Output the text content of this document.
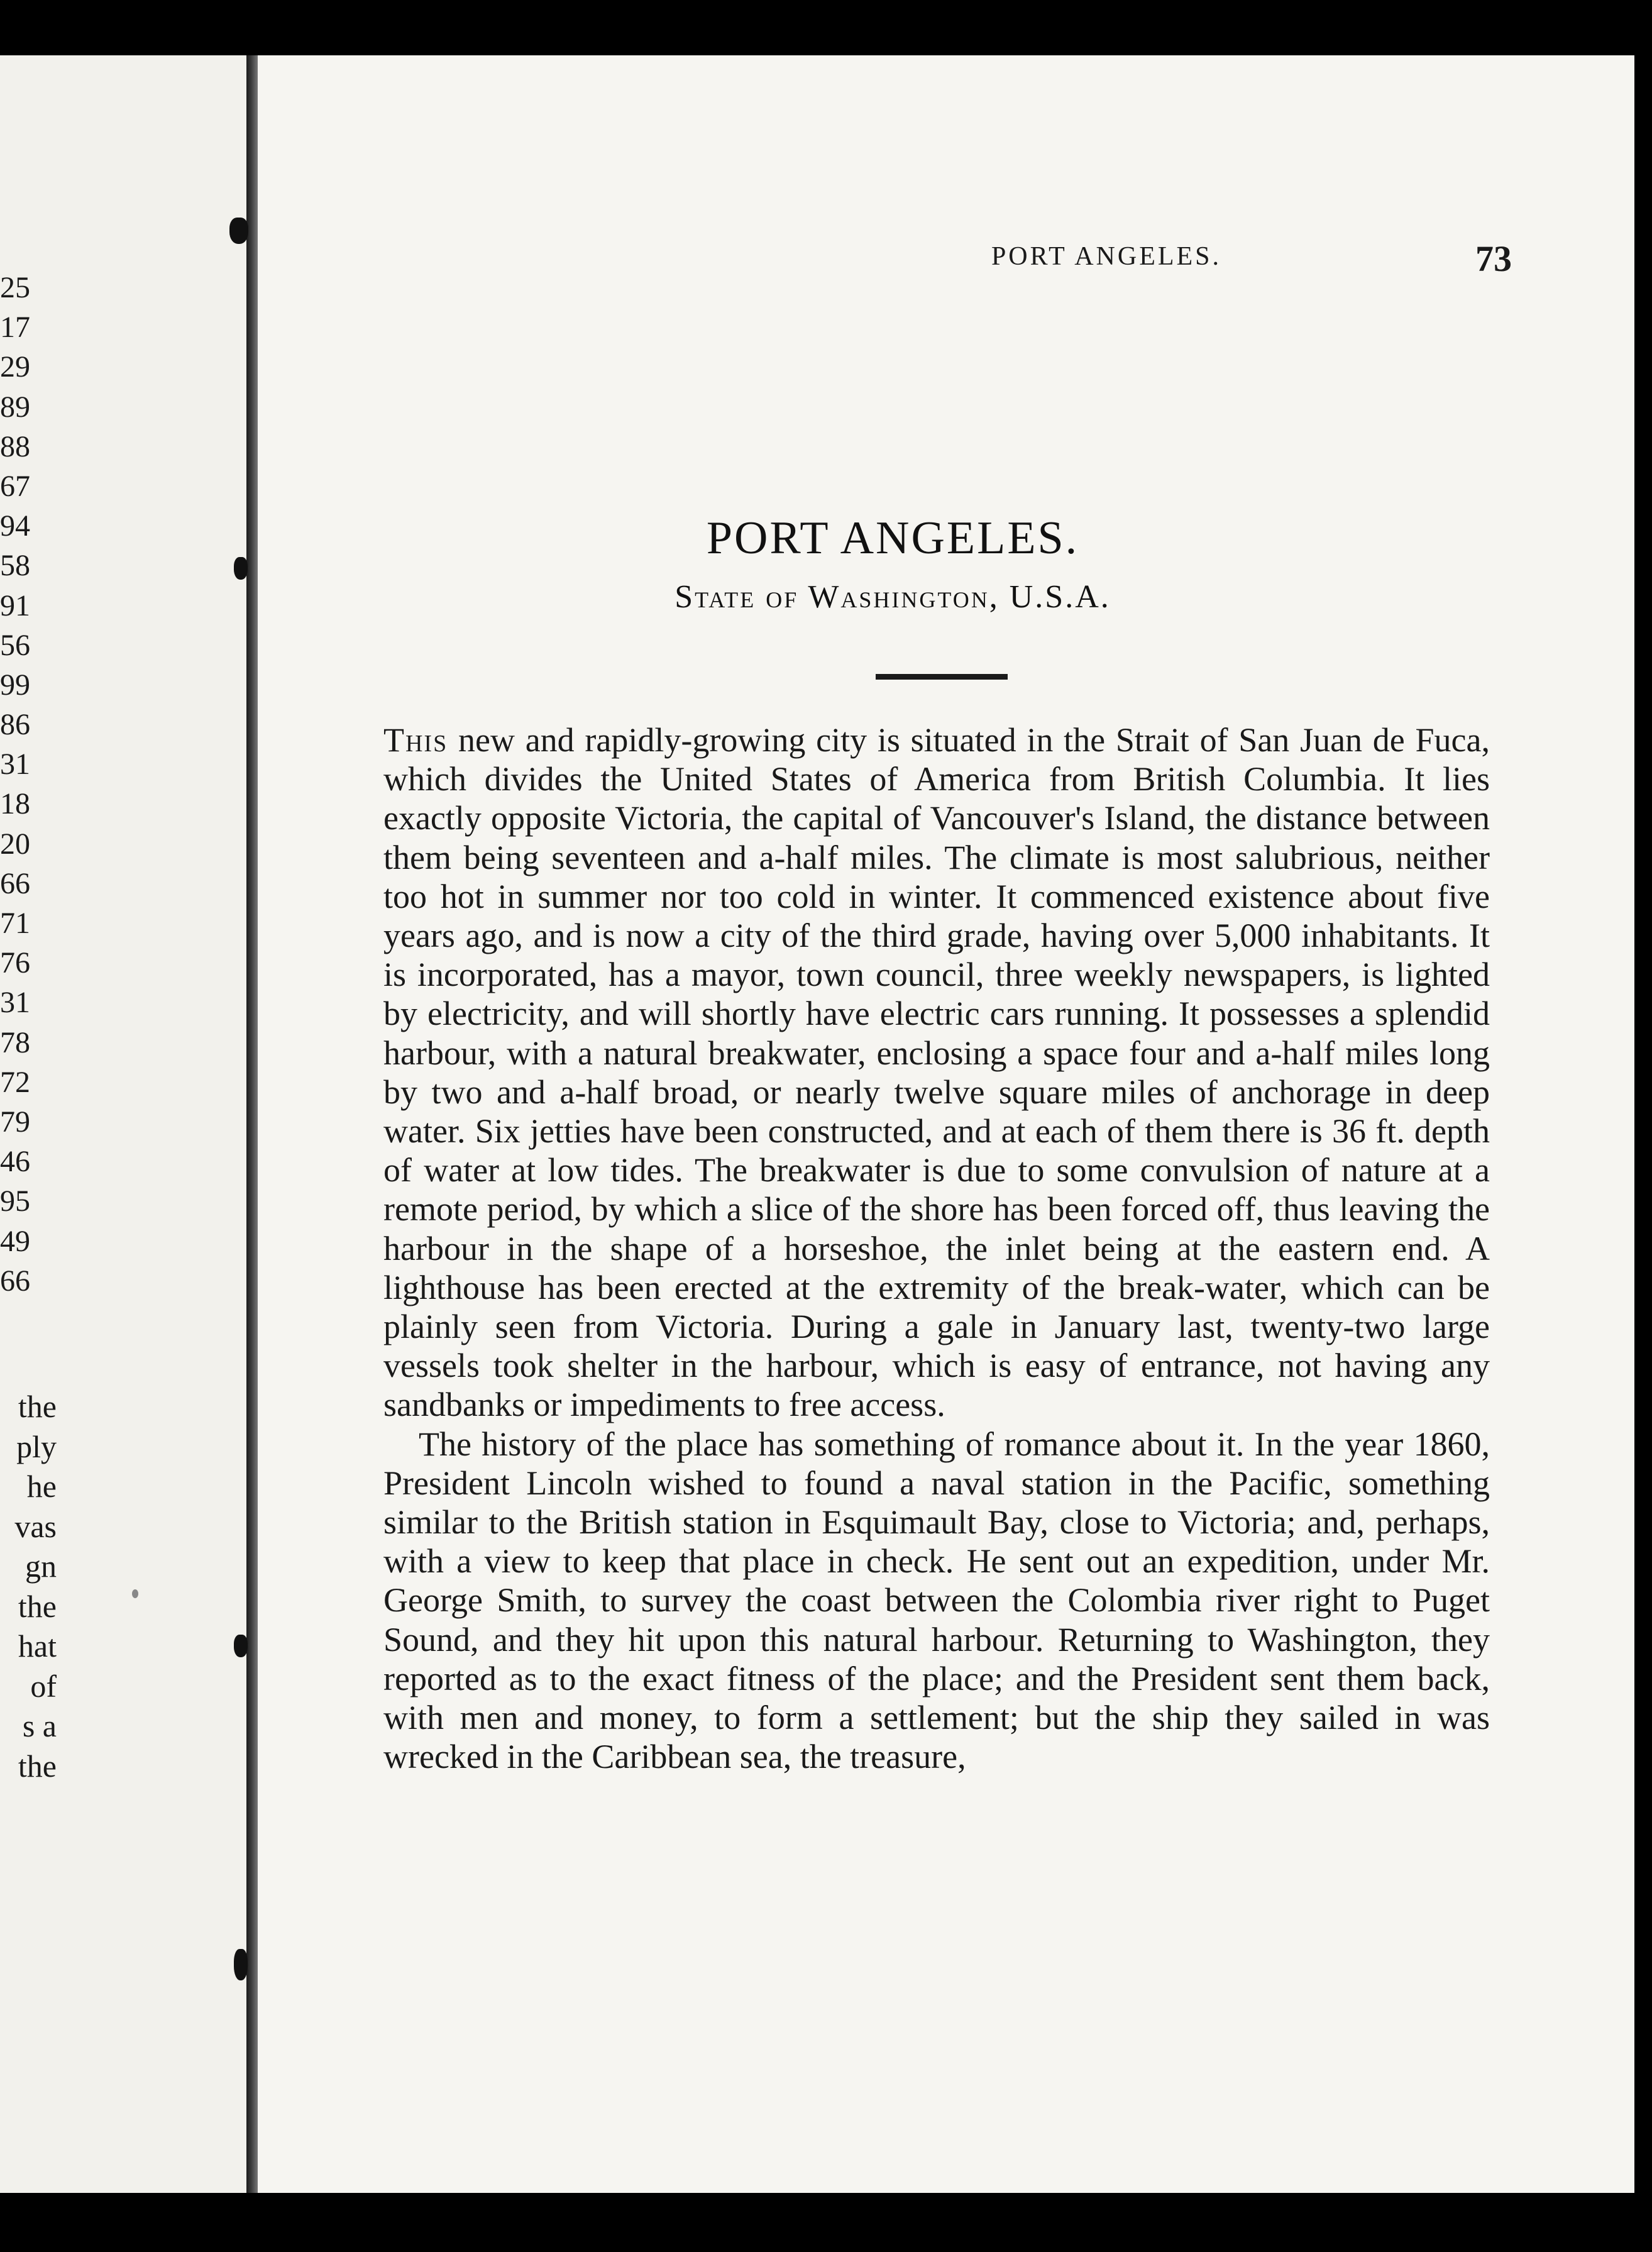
25
17
29
89
88
67
94
58
91
56
99
86
31
18
20
66
71
76
31
78
72
79
46
95
49
66
the
ply
he
vas
gn
the
hat
of
s a
the
PORT ANGELES.	73
PORT ANGELES.
State of Washington, U.S.A.

This new and rapidly-growing city is situated in the Strait of San Juan de Fuca, which divides the United States of America from British Columbia. It lies exactly opposite Victoria, the capital of Vancouver's Island, the distance between them being seventeen and a-half miles. The climate is most salubrious, neither too hot in summer nor too cold in winter. It commenced existence about five years ago, and is now a city of the third grade, having over 5,000 inhabitants. It is incorporated, has a mayor, town council, three weekly newspapers, is lighted by electricity, and will shortly have electric cars running. It possesses a splendid harbour, with a natural breakwater, enclosing a space four and a-half miles long by two and a-half broad, or nearly twelve square miles of anchorage in deep water. Six jetties have been constructed, and at each of them there is 36 ft. depth of water at low tides. The breakwater is due to some convulsion of nature at a remote period, by which a slice of the shore has been forced off, thus leaving the harbour in the shape of a horseshoe, the inlet being at the eastern end. A lighthouse has been erected at the extremity of the break-water, which can be plainly seen from Victoria. During a gale in January last, twenty-two large vessels took shelter in the harbour, which is easy of entrance, not having any sandbanks or impediments to free access.

The history of the place has something of romance about it. In the year 1860, President Lincoln wished to found a naval station in the Pacific, something similar to the British station in Esquimault Bay, close to Victoria; and, perhaps, with a view to keep that place in check. He sent out an expedition, under Mr. George Smith, to survey the coast between the Colombia river right to Puget Sound, and they hit upon this natural harbour. Returning to Washington, they reported as to the exact fitness of the place; and the President sent them back, with men and money, to form a settlement; but the ship they sailed in was wrecked in the Caribbean sea, the treasure,
